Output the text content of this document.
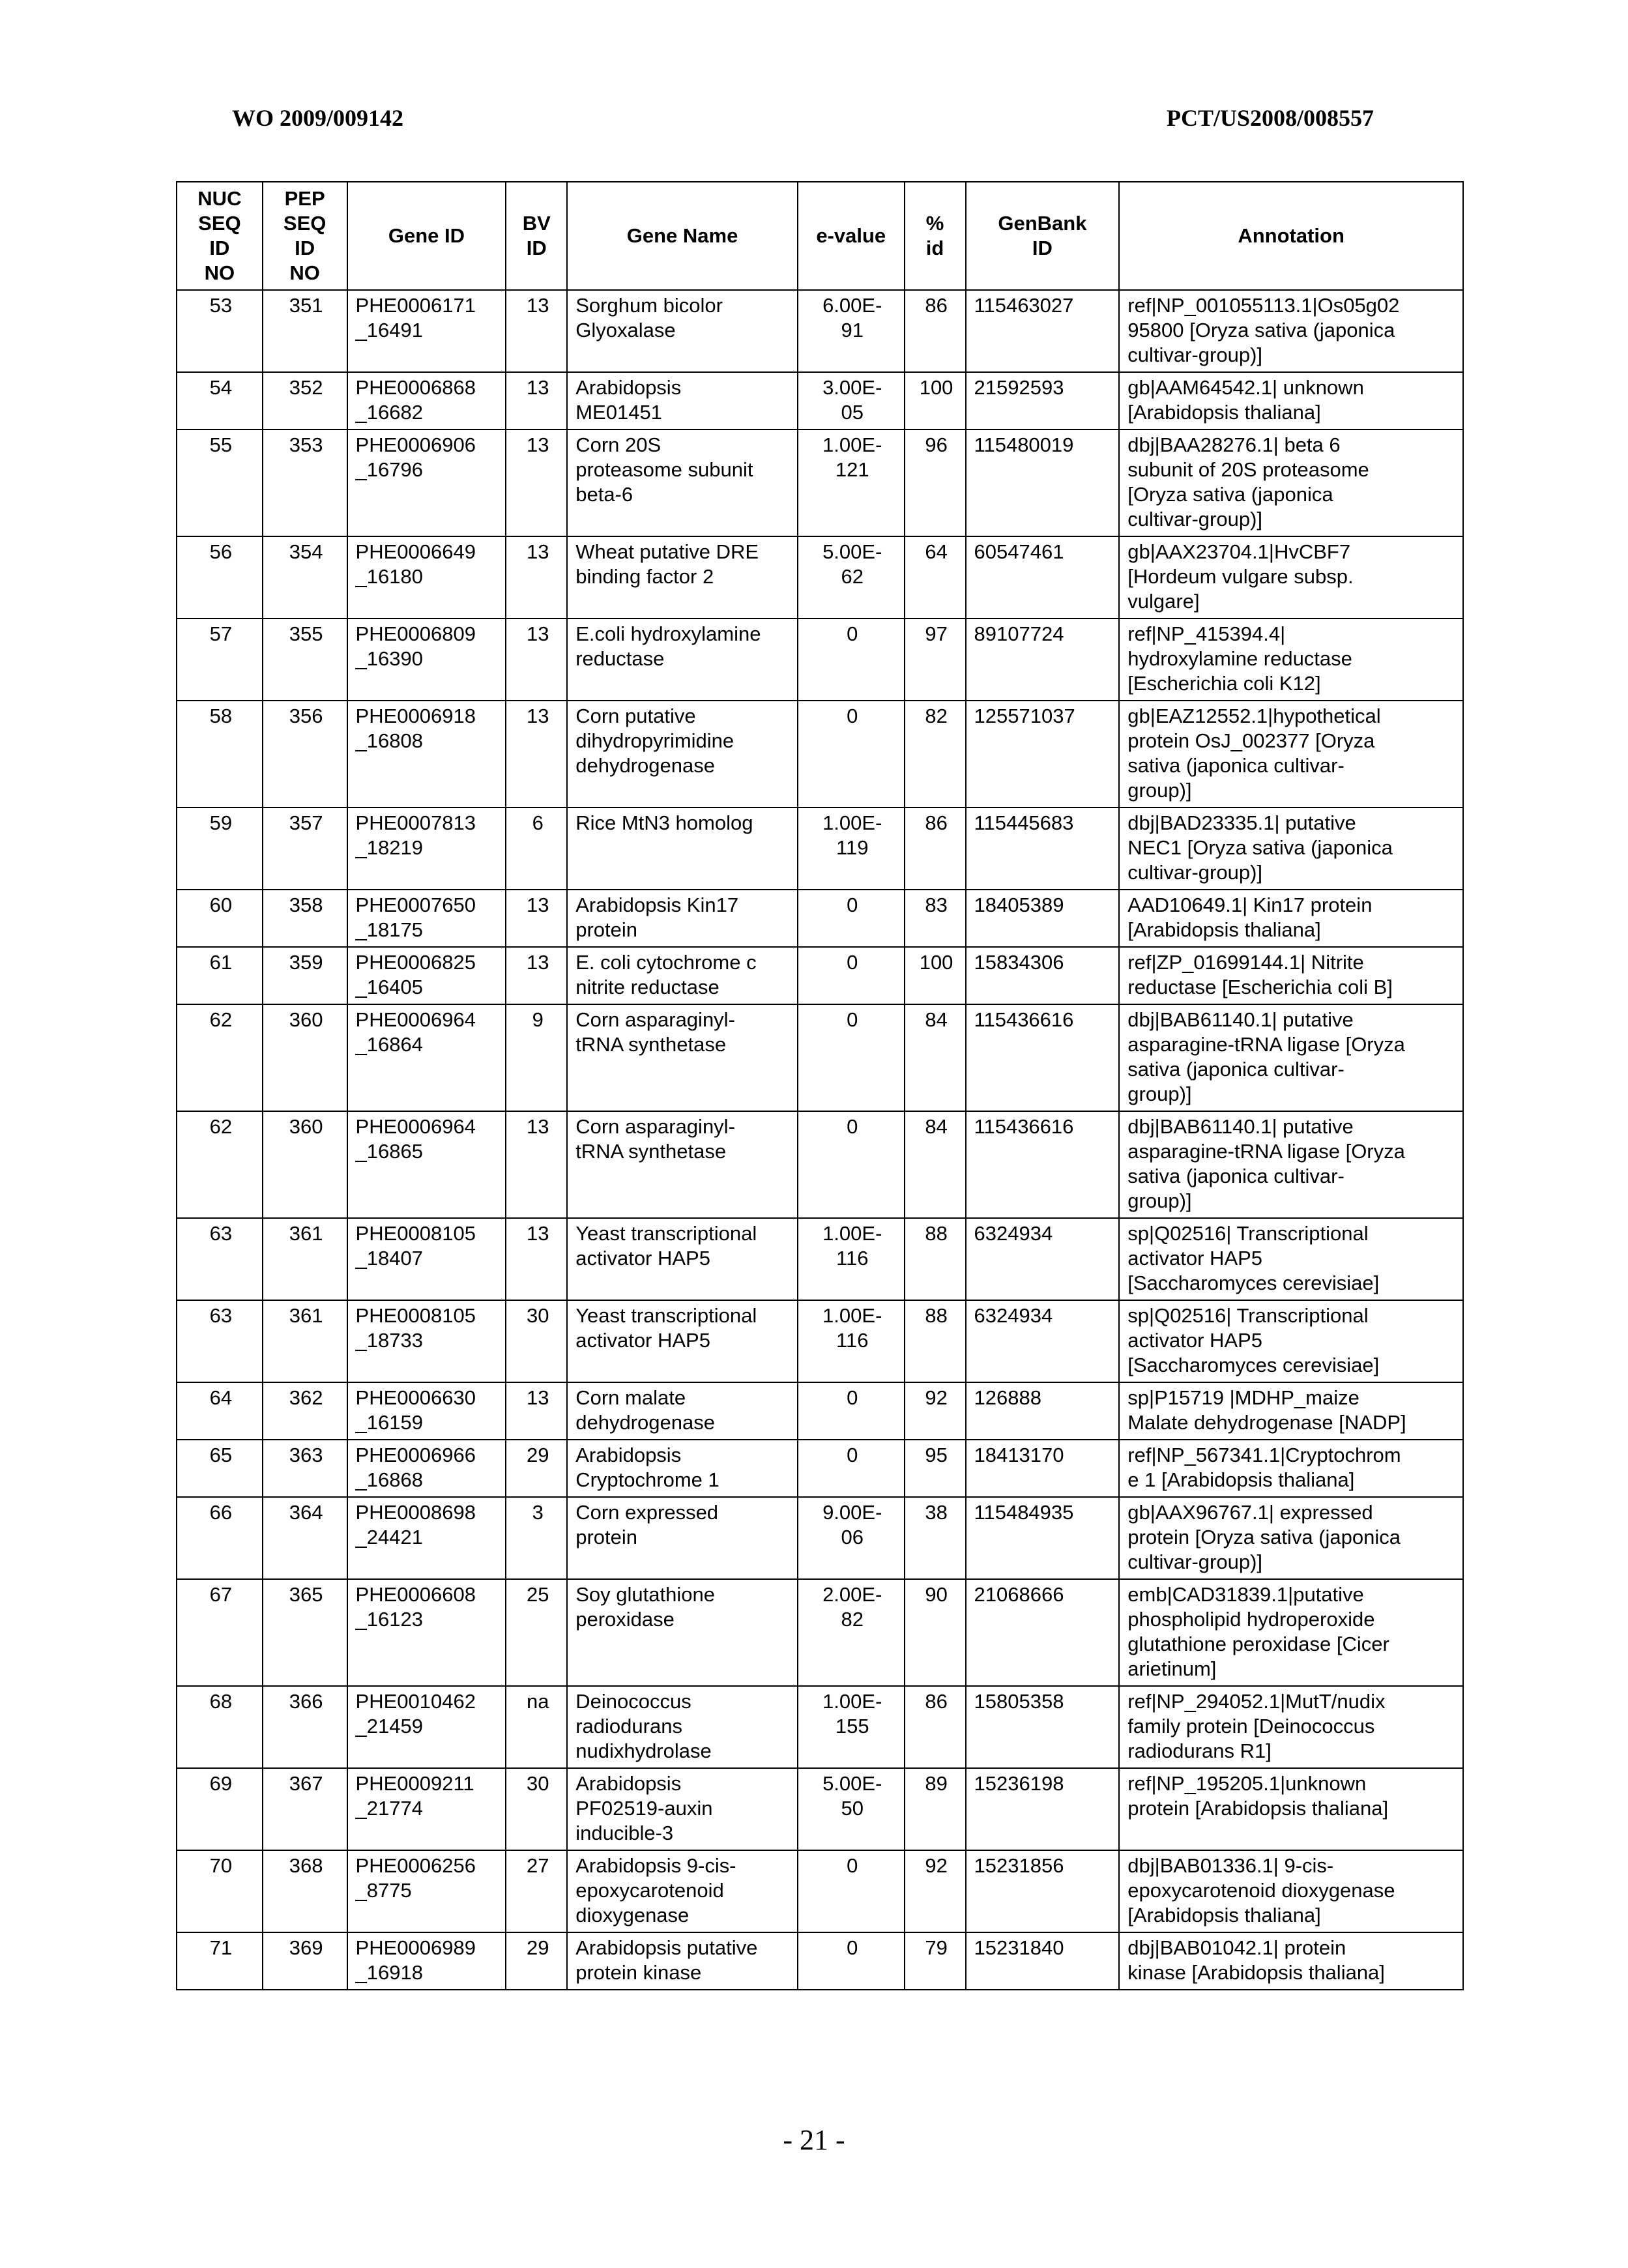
WO 2009/009142	PCT/US2008/008557
NUC
SEQ
ID
NO	PEP
SEQ
ID
NO	Gene ID	BV
ID	Gene Name	e-value	%
id	GenBank
ID	Annotation
53	351	PHE0006171
_16491	13	Sorghum bicolor
Glyoxalase	6.00E-
91	86	115463027	ref|NP_001055113.1|Os05g02
95800 [Oryza sativa (japonica
cultivar-group)]
54	352	PHE0006868
_16682	13	Arabidopsis
ME01451	3.00E-
05	100	21592593	gb|AAM64542.1| unknown
[Arabidopsis thaliana]
55	353	PHE0006906
_16796	13	Corn 20S
proteasome subunit
beta-6	1.00E-
121	96	115480019	dbj|BAA28276.1| beta 6
subunit of 20S proteasome
[Oryza sativa (japonica
cultivar-group)]
56	354	PHE0006649
_16180	13	Wheat putative DRE
binding factor 2	5.00E-
62	64	60547461	gb|AAX23704.1|HvCBF7
[Hordeum vulgare subsp.
vulgare]
57	355	PHE0006809
_16390	13	E.coli hydroxylamine
reductase	0	97	89107724	ref|NP_415394.4|
hydroxylamine reductase
[Escherichia coli K12]
58	356	PHE0006918
_16808	13	Corn putative
dihydropyrimidine
dehydrogenase	0	82	125571037	gb|EAZ12552.1|hypothetical
protein OsJ_002377 [Oryza
sativa (japonica cultivar-
group)]
59	357	PHE0007813
_18219	6	Rice MtN3 homolog	1.00E-
119	86	115445683	dbj|BAD23335.1| putative
NEC1 [Oryza sativa (japonica
cultivar-group)]
60	358	PHE0007650
_18175	13	Arabidopsis Kin17
protein	0	83	18405389	AAD10649.1| Kin17 protein
[Arabidopsis thaliana]
61	359	PHE0006825
_16405	13	E. coli cytochrome c
nitrite reductase	0	100	15834306	ref|ZP_01699144.1| Nitrite
reductase [Escherichia coli B]
62	360	PHE0006964
_16864	9	Corn asparaginyl-
tRNA synthetase	0	84	115436616	dbj|BAB61140.1| putative
asparagine-tRNA ligase [Oryza
sativa (japonica cultivar-
group)]
62	360	PHE0006964
_16865	13	Corn asparaginyl-
tRNA synthetase	0	84	115436616	dbj|BAB61140.1| putative
asparagine-tRNA ligase [Oryza
sativa (japonica cultivar-
group)]
63	361	PHE0008105
_18407	13	Yeast transcriptional
activator HAP5	1.00E-
116	88	6324934	sp|Q02516| Transcriptional
activator HAP5
[Saccharomyces cerevisiae]
63	361	PHE0008105
_18733	30	Yeast transcriptional
activator HAP5	1.00E-
116	88	6324934	sp|Q02516| Transcriptional
activator HAP5
[Saccharomyces cerevisiae]
64	362	PHE0006630
_16159	13	Corn malate
dehydrogenase	0	92	126888	sp|P15719 |MDHP_maize
Malate dehydrogenase [NADP]
65	363	PHE0006966
_16868	29	Arabidopsis
Cryptochrome 1	0	95	18413170	ref|NP_567341.1|Cryptochrom
e 1 [Arabidopsis thaliana]
66	364	PHE0008698
_24421	3	Corn expressed
protein	9.00E-
06	38	115484935	gb|AAX96767.1| expressed
protein [Oryza sativa (japonica
cultivar-group)]
67	365	PHE0006608
_16123	25	Soy glutathione
peroxidase	2.00E-
82	90	21068666	emb|CAD31839.1|putative
phospholipid hydroperoxide
glutathione peroxidase [Cicer
arietinum]
68	366	PHE0010462
_21459	na	Deinococcus
radiodurans
nudixhydrolase	1.00E-
155	86	15805358	ref|NP_294052.1|MutT/nudix
family protein [Deinococcus
radiodurans R1]
69	367	PHE0009211
_21774	30	Arabidopsis
PF02519-auxin
inducible-3	5.00E-
50	89	15236198	ref|NP_195205.1|unknown
protein [Arabidopsis thaliana]
70	368	PHE0006256
_8775	27	Arabidopsis 9-cis-
epoxycarotenoid
dioxygenase	0	92	15231856	dbj|BAB01336.1| 9-cis-
epoxycarotenoid dioxygenase
[Arabidopsis thaliana]
71	369	PHE0006989
_16918	29	Arabidopsis putative
protein kinase	0	79	15231840	dbj|BAB01042.1| protein
kinase [Arabidopsis thaliana]
- 21 -
